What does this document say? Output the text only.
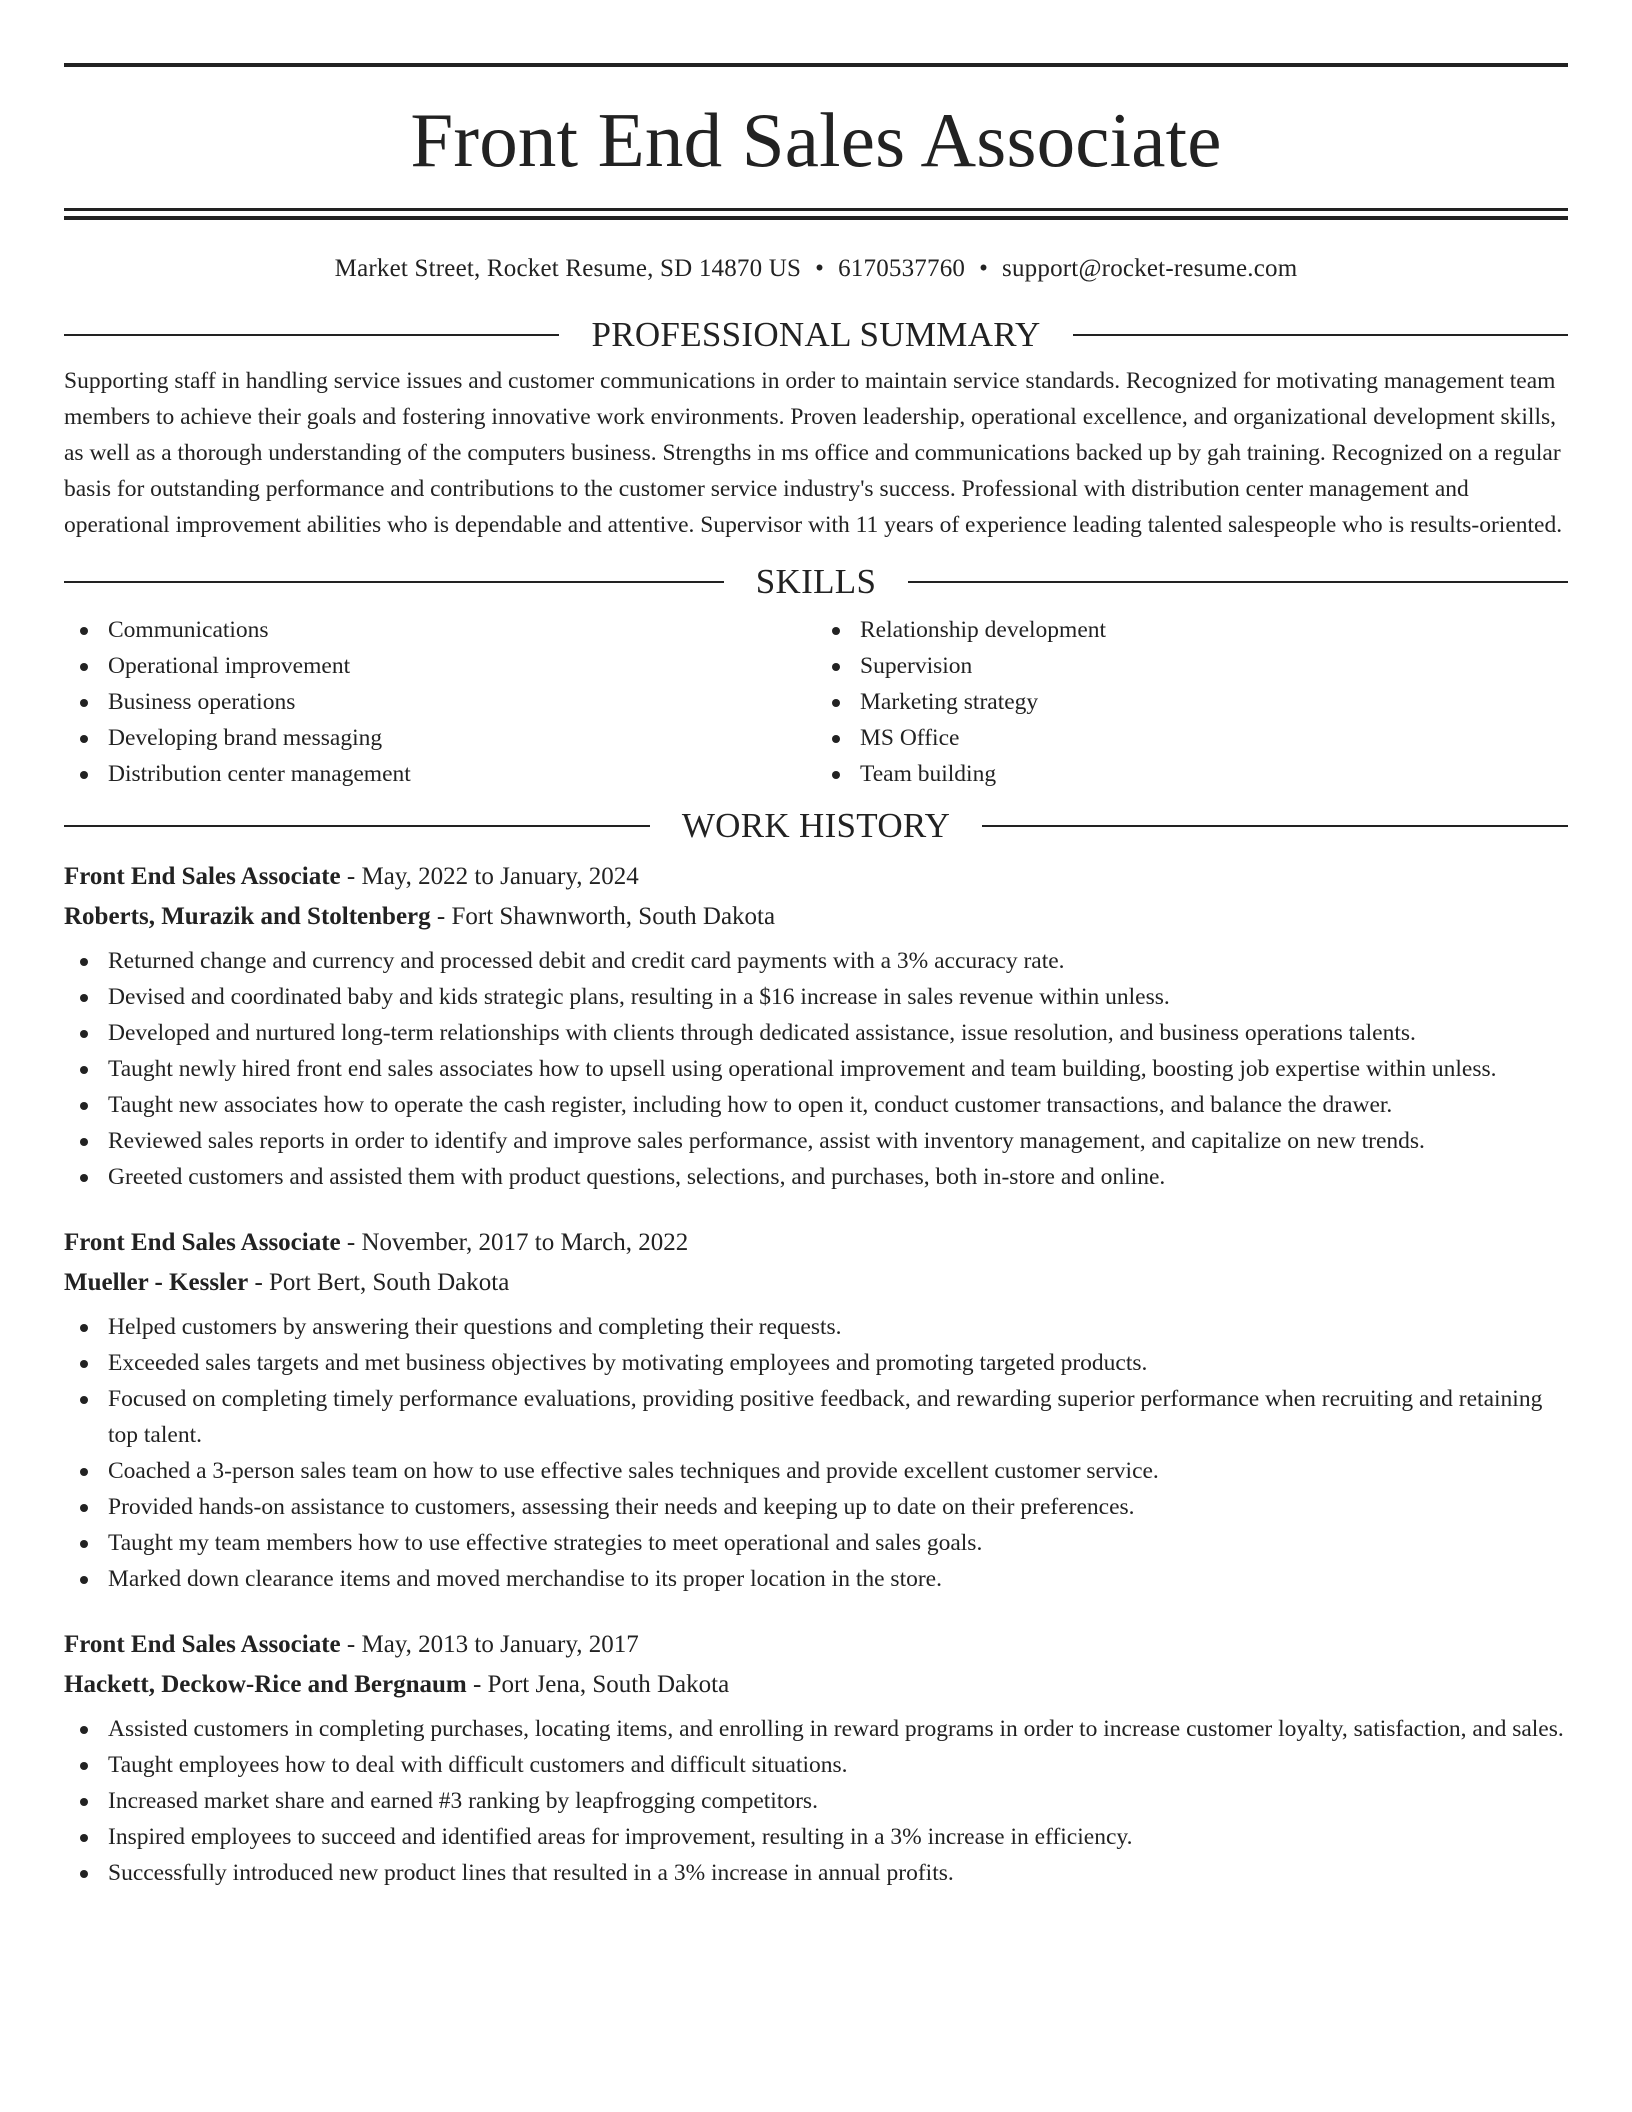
Front End Sales Associate
Market Street, Rocket Resume, SD 14870 US • 6170537760 • support@rocket-resume.com
PROFESSIONAL SUMMARY
Supporting staff in handling service issues and customer communications in order to maintain service standards. Recognized for motivating management team members to achieve their goals and fostering innovative work environments. Proven leadership, operational excellence, and organizational development skills, as well as a thorough understanding of the computers business. Strengths in ms office and communications backed up by gah training. Recognized on a regular basis for outstanding performance and contributions to the customer service industry's success. Professional with distribution center management and operational improvement abilities who is dependable and attentive. Supervisor with 11 years of experience leading talented salespeople who is results-oriented.
SKILLS
Communications
Operational improvement
Business operations
Developing brand messaging
Distribution center management
Relationship development
Supervision
Marketing strategy
MS Office
Team building
WORK HISTORY
Front End Sales Associate - May, 2022 to January, 2024
Roberts, Murazik and Stoltenberg - Fort Shawnworth, South Dakota
Returned change and currency and processed debit and credit card payments with a 3% accuracy rate.
Devised and coordinated baby and kids strategic plans, resulting in a $16 increase in sales revenue within unless.
Developed and nurtured long-term relationships with clients through dedicated assistance, issue resolution, and business operations talents.
Taught newly hired front end sales associates how to upsell using operational improvement and team building, boosting job expertise within unless.
Taught new associates how to operate the cash register, including how to open it, conduct customer transactions, and balance the drawer.
Reviewed sales reports in order to identify and improve sales performance, assist with inventory management, and capitalize on new trends.
Greeted customers and assisted them with product questions, selections, and purchases, both in-store and online.
Front End Sales Associate - November, 2017 to March, 2022
Mueller - Kessler - Port Bert, South Dakota
Helped customers by answering their questions and completing their requests.
Exceeded sales targets and met business objectives by motivating employees and promoting targeted products.
Focused on completing timely performance evaluations, providing positive feedback, and rewarding superior performance when recruiting and retaining top talent.
Coached a 3-person sales team on how to use effective sales techniques and provide excellent customer service.
Provided hands-on assistance to customers, assessing their needs and keeping up to date on their preferences.
Taught my team members how to use effective strategies to meet operational and sales goals.
Marked down clearance items and moved merchandise to its proper location in the store.
Front End Sales Associate - May, 2013 to January, 2017
Hackett, Deckow-Rice and Bergnaum - Port Jena, South Dakota
Assisted customers in completing purchases, locating items, and enrolling in reward programs in order to increase customer loyalty, satisfaction, and sales.
Taught employees how to deal with difficult customers and difficult situations.
Increased market share and earned #3 ranking by leapfrogging competitors.
Inspired employees to succeed and identified areas for improvement, resulting in a 3% increase in efficiency.
Successfully introduced new product lines that resulted in a 3% increase in annual profits.
